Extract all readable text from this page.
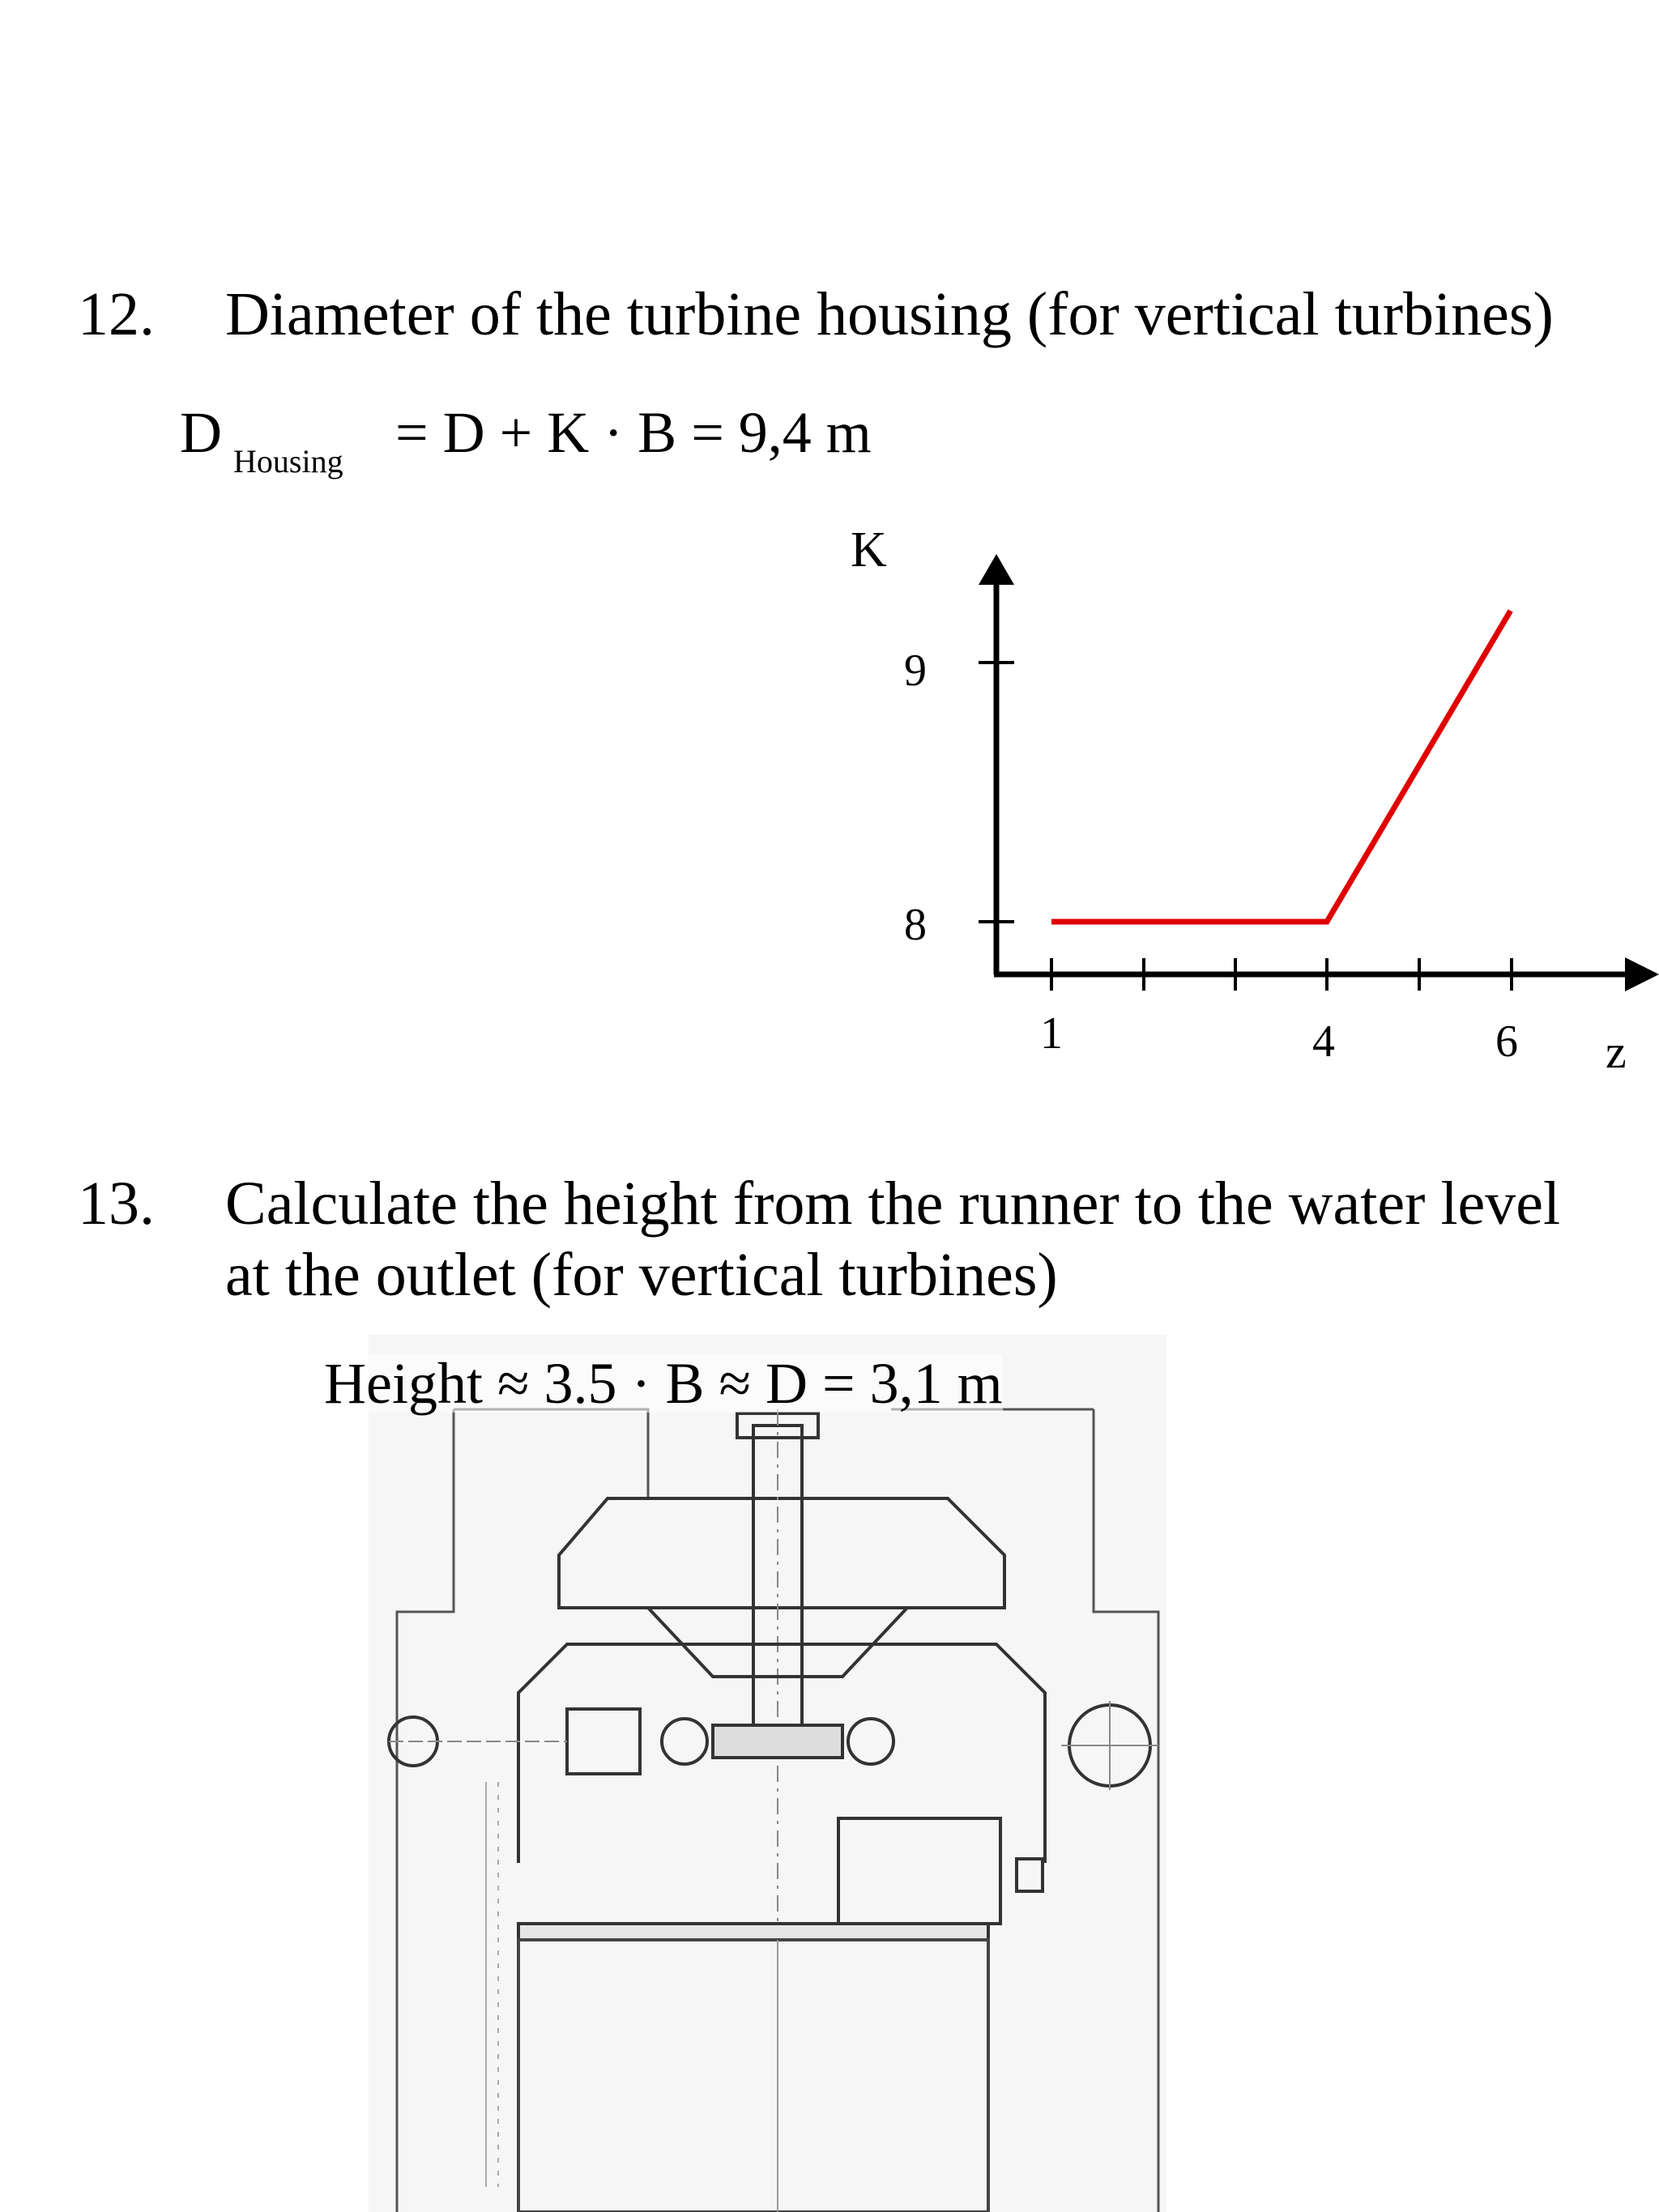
12. Diameter of the turbine housing (for vertical turbines)
D Housing = D + K · B = 9,4 m
K
z
9
8
1	4	6
13. Calculate the height from the runner to the water level
at the outlet (for vertical turbines)
Height ≈ 3.5 · B ≈ D = 3,1 m
